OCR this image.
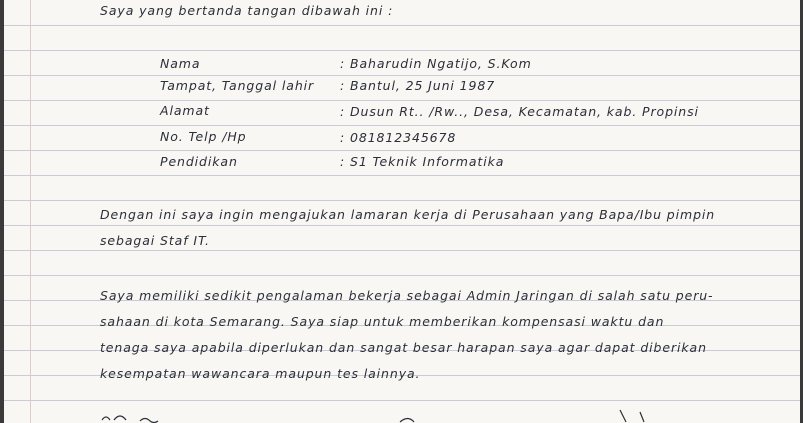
Saya yang bertanda tangan dibawah ini :

Nama	: Baharudin Ngatijo, S.Kom

Tampat, Tanggal lahir : Bantul, 25 Juni 1987

Alamat	: Dusun Rt.. /Rw.., Desa, Kecamatan, kab. Propinsi

No. Telp /Hp	: 081812345678

Pendidikan	: S1 Teknik Informatika

Dengan ini saya ingin mengajukan lamaran kerja di Perusahaan yang Bapa/Ibu pimpin

sebagai Staf IT.

Saya memiliki sedikit pengalaman bekerja sebagai Admin Jaringan di salah satu peru-

sahaan di kota Semarang. Saya siap untuk memberikan kompensasi waktu dan

tenaga saya apabila diperlukan dan sangat besar harapan saya agar dapat diberikan

kesempatan wawancara maupun tes lainnya.
